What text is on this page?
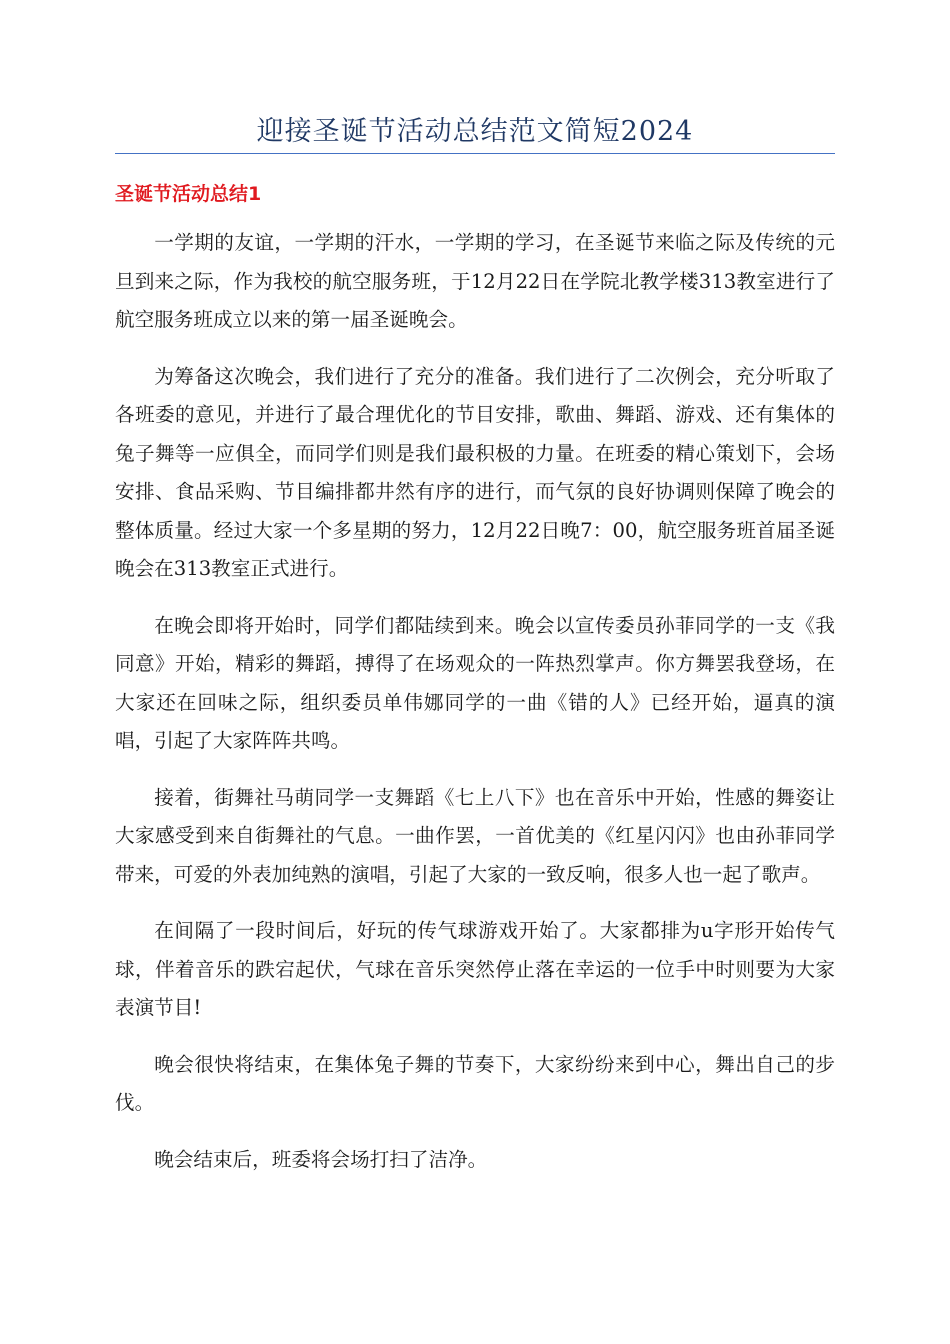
迎接圣诞节活动总结范文简短2024
圣诞节活动总结1

一学期的友谊，一学期的汗水，一学期的学习，在圣诞节来临之际及传统的元旦到来之际，作为我校的航空服务班，于12月22日在学院北教学楼313教室进行了航空服务班成立以来的第一届圣诞晚会。

为筹备这次晚会，我们进行了充分的准备。我们进行了二次例会，充分听取了各班委的意见，并进行了最合理优化的节目安排，歌曲、舞蹈、游戏、还有集体的兔子舞等一应俱全，而同学们则是我们最积极的力量。在班委的精心策划下，会场安排、食品采购、节目编排都井然有序的进行，而气氛的良好协调则保障了晚会的整体质量。经过大家一个多星期的努力，12月22日晚7：00，航空服务班首届圣诞晚会在313教室正式进行。

在晚会即将开始时，同学们都陆续到来。晚会以宣传委员孙菲同学的一支《我同意》开始，精彩的舞蹈，搏得了在场观众的一阵热烈掌声。你方舞罢我登场，在大家还在回味之际，组织委员单伟娜同学的一曲《错的人》已经开始，逼真的演唱，引起了大家阵阵共鸣。

接着，街舞社马萌同学一支舞蹈《七上八下》也在音乐中开始，性感的舞姿让大家感受到来自街舞社的气息。一曲作罢，一首优美的《红星闪闪》也由孙菲同学带来，可爱的外表加纯熟的演唱，引起了大家的一致反响，很多人也一起了歌声。

在间隔了一段时间后，好玩的传气球游戏开始了。大家都排为u字形开始传气球，伴着音乐的跌宕起伏，气球在音乐突然停止落在幸运的一位手中时则要为大家表演节目!

晚会很快将结束，在集体兔子舞的节奏下，大家纷纷来到中心，舞出自己的步伐。

晚会结束后，班委将会场打扫了洁净。
